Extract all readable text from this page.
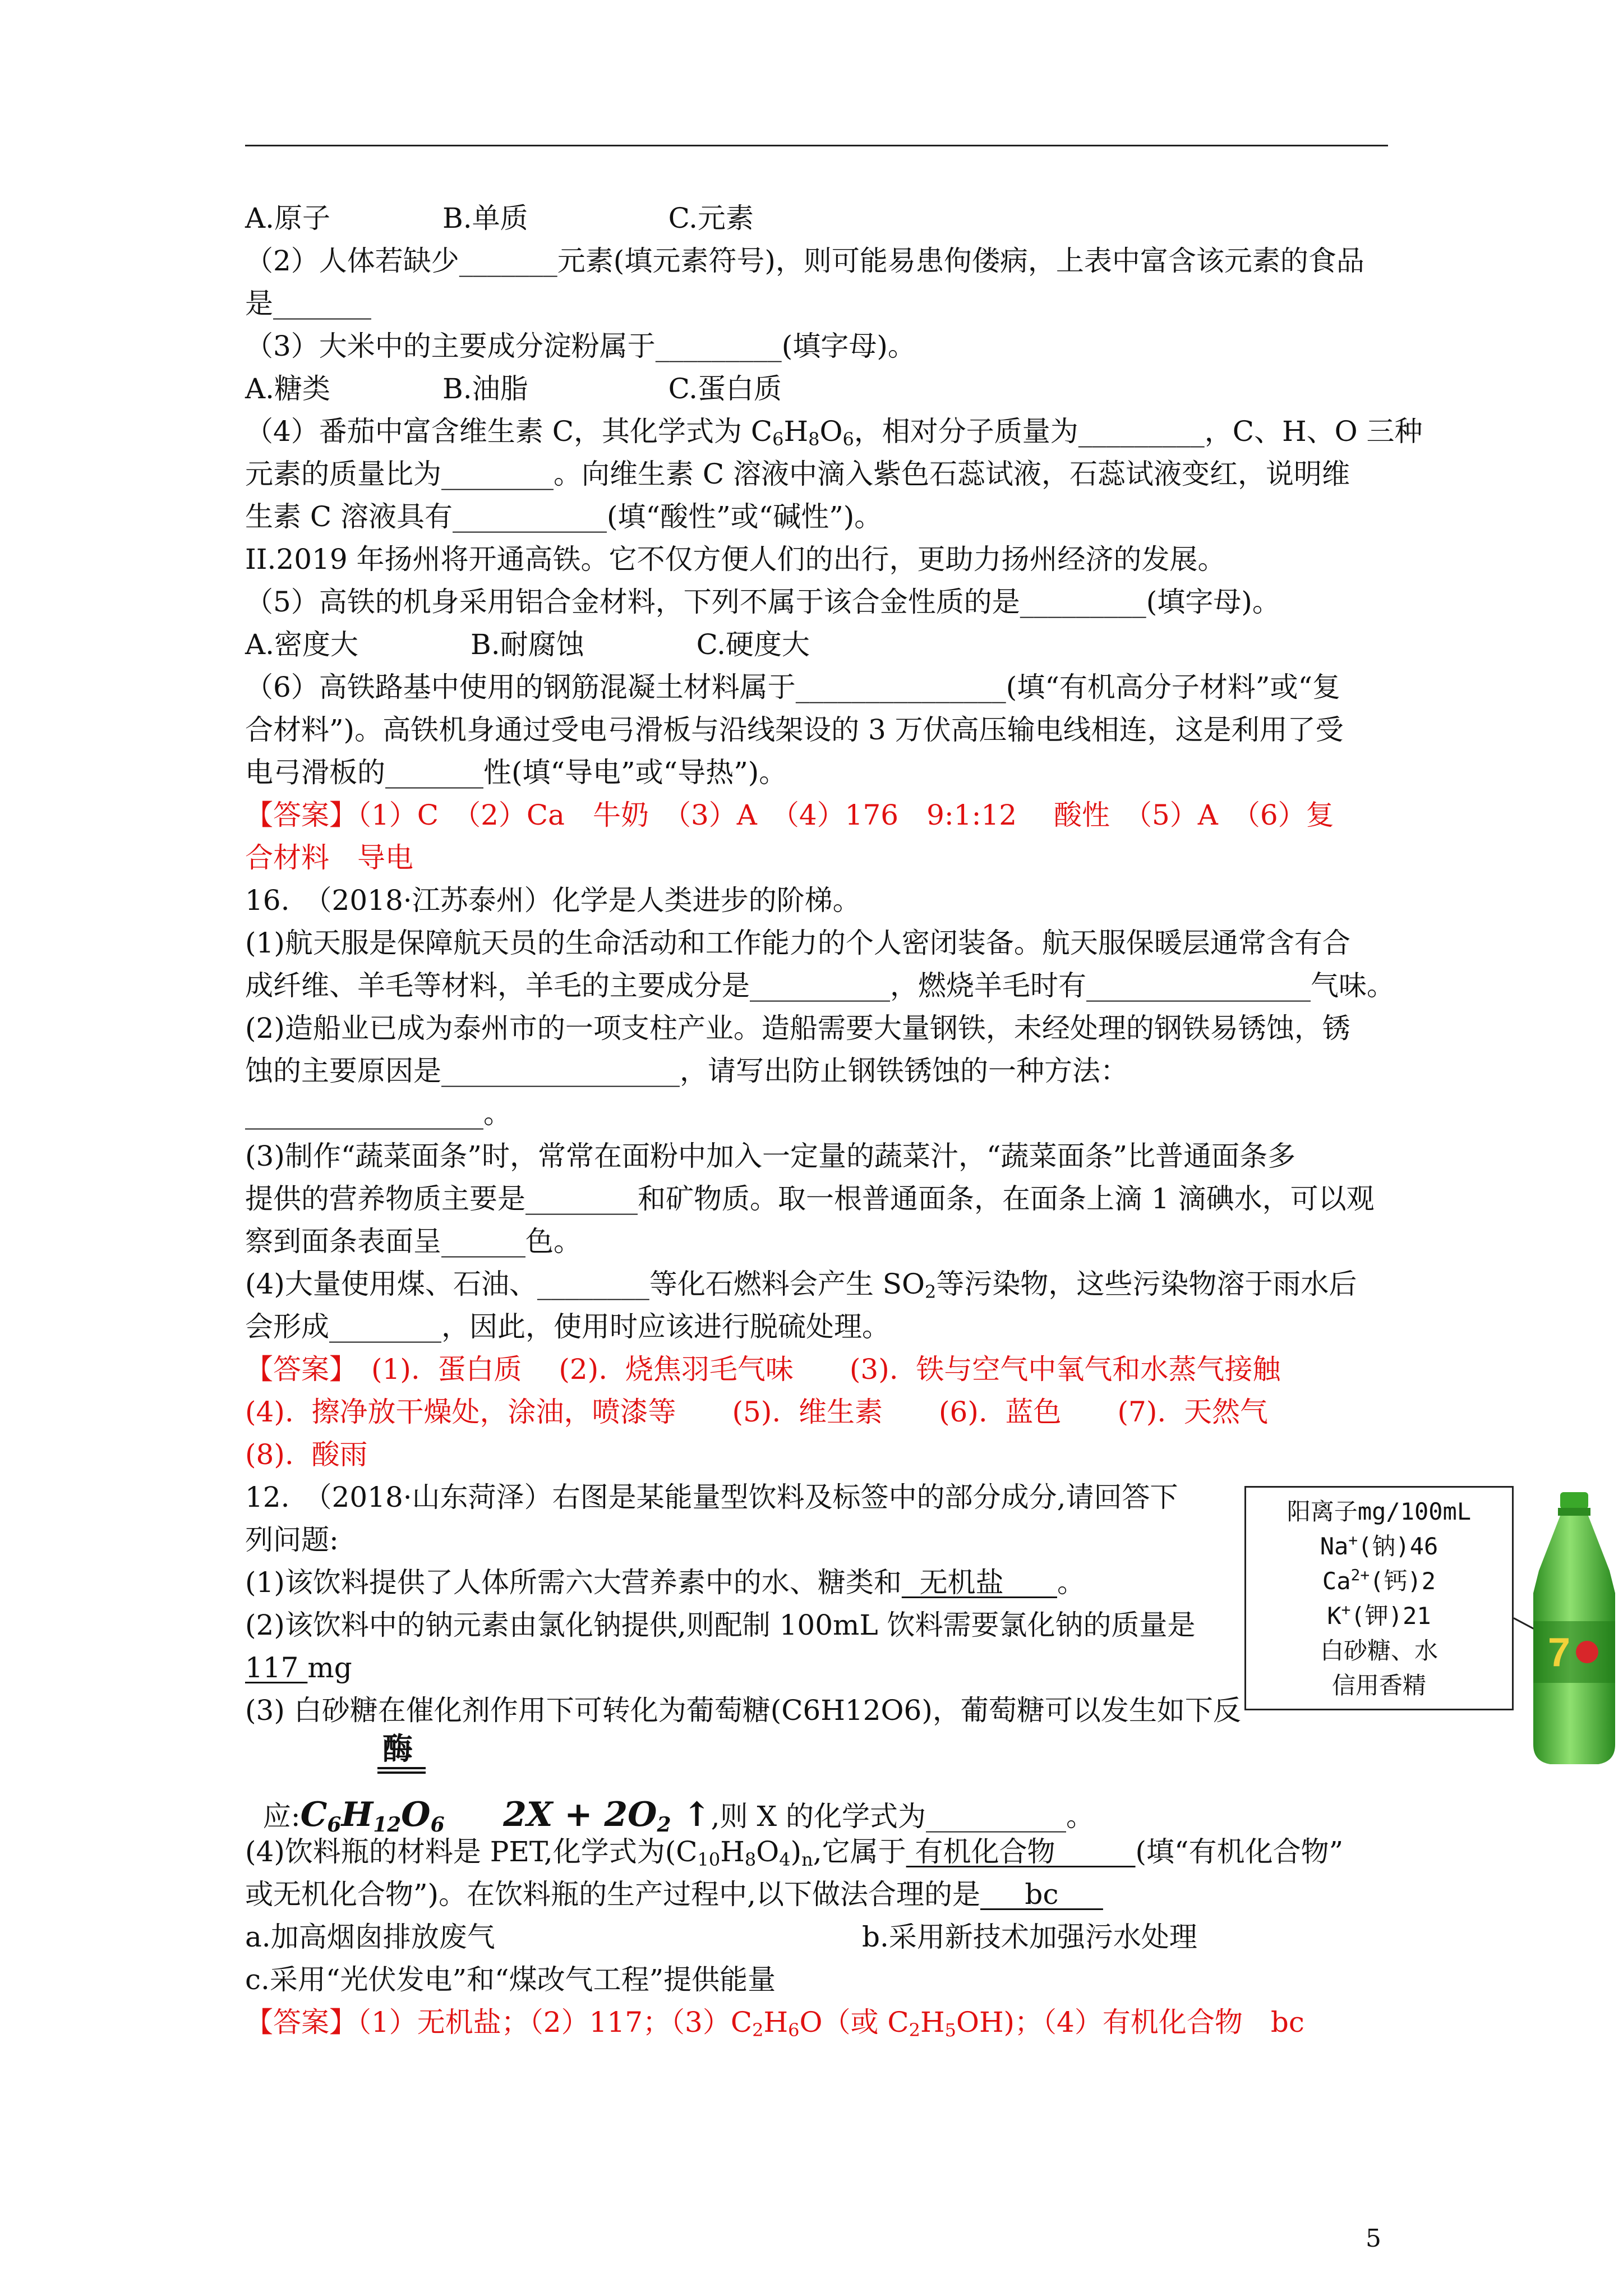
A.原子　　　　B.单质　　　　　C.元素
（2）人体若缺少_______元素(填元素符号)，则可能易患佝偻病，上表中富含该元素的食品
是_______
（3）大米中的主要成分淀粉属于_________(填字母)。
A.糖类　　　　B.油脂　　　　　C.蛋白质
（4）番茄中富含维生素 C，其化学式为 $C_6H_8O_6$，相对分子质量为_________，C、H、O 三种
元素的质量比为________。向维生素 C 溶液中滴入紫色石蕊试液，石蕊试液变红，说明维
生素 C 溶液具有___________(填“酸性”或“碱性”)。
II.2019 年扬州将开通高铁。它不仅方便人们的出行，更助力扬州经济的发展。
（5）高铁的机身采用铝合金材料，下列不属于该合金性质的是_________(填字母)。
A.密度大　　　　B.耐腐蚀　　　　C.硬度大
（6）高铁路基中使用的钢筋混凝土材料属于_______________(填“有机高分子材料”或“复
合材料”)。高铁机身通过受电弓滑板与沿线架设的 3 万伏高压输电线相连，这是利用了受
电弓滑板的_______性(填“导电”或“导热”)。
【答案】（1）C　（2）Ca　牛奶　（3）A　（4）176　9:1:12　 酸性　（5）A　（6）复
合材料　导电
16.　（2018·江苏泰州）化学是人类进步的阶梯。
(1)航天服是保障航天员的生命活动和工作能力的个人密闭装备。航天服保暖层通常含有合
成纤维、羊毛等材料，羊毛的主要成分是__________，燃烧羊毛时有________________气味。
(2)造船业已成为泰州市的一项支柱产业。造船需要大量钢铁，未经处理的钢铁易锈蚀，锈
蚀的主要原因是_________________，请写出防止钢铁锈蚀的一种方法：
_________________。
(3)制作“蔬菜面条”时，常常在面粉中加入一定量的蔬菜汁，“蔬菜面条”比普通面条多
提供的营养物质主要是________和矿物质。取一根普通面条，在面条上滴 1 滴碘水，可以观
察到面条表面呈______色。
(4)大量使用煤、石油、________等化石燃料会产生 $SO_2$等污染物，这些污染物溶于雨水后
会形成________，因此，使用时应该进行脱硫处理。
【答案】　(1).  蛋白质　 (2).  烧焦羽毛气味　　(3).  铁与空气中氧气和水蒸气接触
(4).  擦净放干燥处，涂油，喷漆等　　(5).  维生素　　(6).  蓝色　　(7).  天然气
(8).  酸雨
12.　（2018·山东菏泽）右图是某能量型饮料及标签中的部分成分,请回答下
列问题:
(1)该饮料提供了人体所需六大营养素中的水、糖类和  无机盐      。
(2)该饮料中的钠元素由氯化钠提供,则配制 100mL 饮料需要氯化钠的质量是
117 mg
(3) 白砂糖在催化剂作用下可转化为葡萄糖(C6H12O6)，葡萄糖可以发生如下反

应$:C_6H_{12}O_6$     $2X + 2O_2$ ↑,则 X 的化学式为__________。

酶
(4)饮料瓶的材料是 PET,化学式为$(C_{10}H_8O_4)_n$,它属于 有机化合物         (填“有机化合物”
或无机化合物”)。在饮料瓶的生产过程中,以下做法合理的是     bc
a.加高烟囱排放废气	b.采用新技术加强污水处理
c.采用“光伏发电”和“煤改气工程”提供能量
【答案】（1）无机盐；（2）117；$(3)C_2H_6O$（或 $C_2H_5OH$)；（4）有机化合物　bc
阳离子mg/100mL
Na+(钠)46
$Ca^{2+}$(钙)2
K+(钾)21
白砂糖、水
信用香精
7
5
